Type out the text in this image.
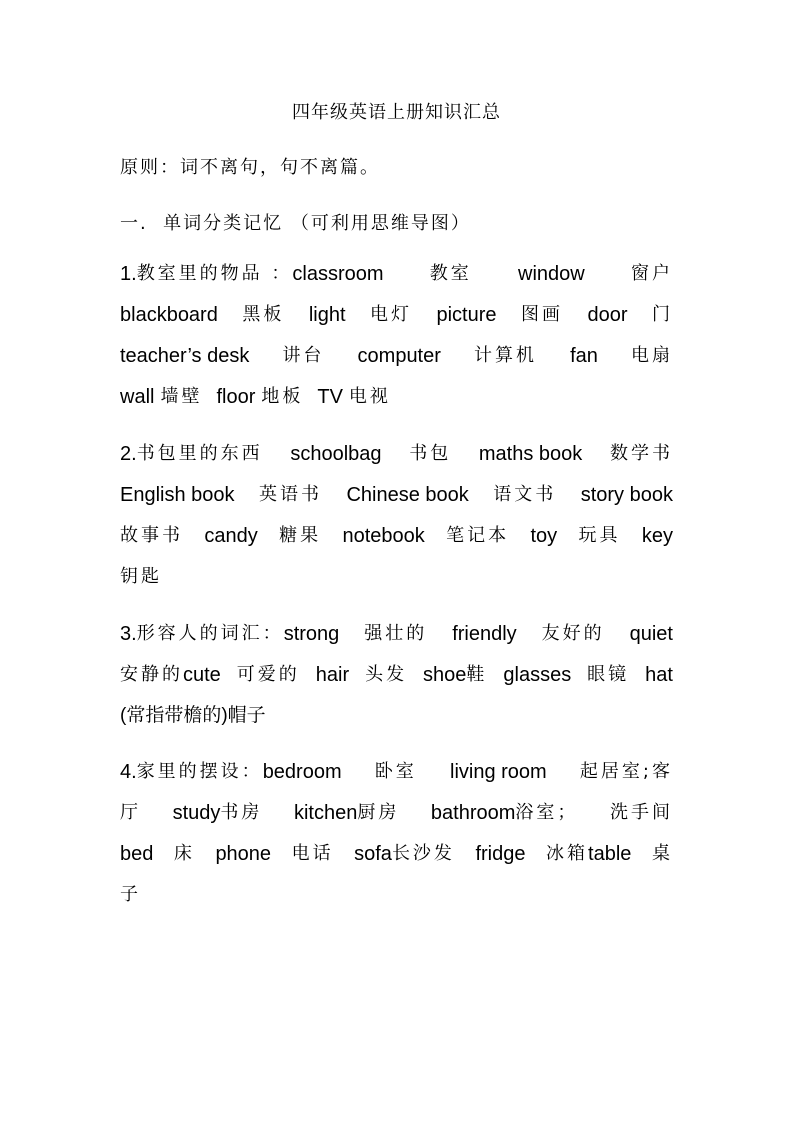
四年级英语上册知识汇总
原则：词不离句，句不离篇。
一.  单词分类记忆 （可利用思维导图）
1. 教室里的物品 ： classroom	教室 window	窗户
blackboard 黑板 light 电灯 picture 图画 door 门
teacher’s desk 讲台 computer 计算机 fan 电扇
wall 墙壁 floor 地板 TV 电视
2. 书包里的东西 schoolbag 书包 maths book 数学书
English book 英语书 Chinese book 语文书 story book
故事书 candy 糖果 notebook 笔记本 toy 玩具 key
钥匙
3. 形容人的词汇： strong 强壮的 friendly 友好的 quiet
安静的 cute 可爱的 hair 头发 shoe 鞋 glasses 眼镜 hat
(常指带檐的)帽子
4. 家里的摆设： bedroom 卧室 living room 起居室;客
厅 study 书房 kitchen 厨房 bathroom 浴室； 洗手间
bed 床 phone 电话 sofa 长沙发 fridge 冰箱 table 桌
子
